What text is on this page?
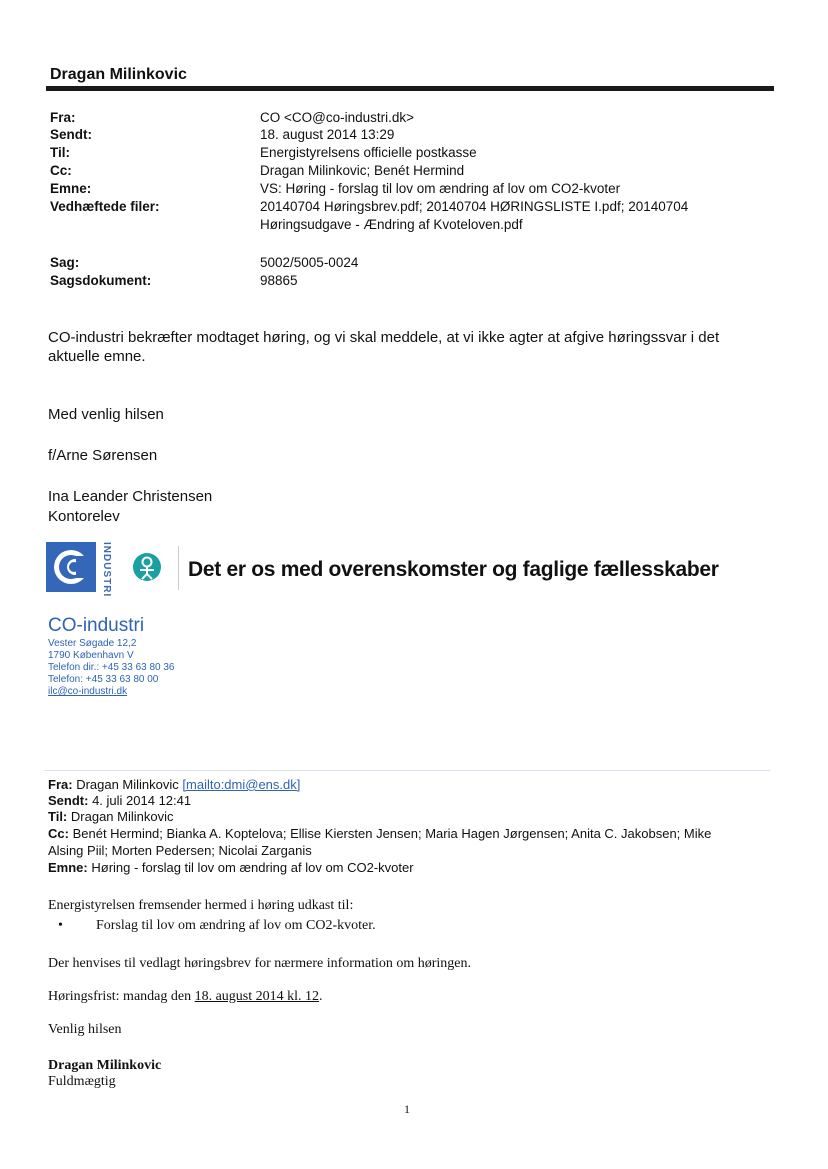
Dragan Milinkovic
Fra:	CO <CO@co-industri.dk>
Sendt:	18. august 2014 13:29
Til:	Energistyrelsens officielle postkasse
Cc:	Dragan Milinkovic; Benét Hermind
Emne:	VS: Høring - forslag til lov om ændring af lov om CO2-kvoter
Vedhæftede filer:	20140704 Høringsbrev.pdf; 20140704 HØRINGSLISTE I.pdf; 20140704
Høringsudgave - Ændring af Kvoteloven.pdf
Sag:	5002/5005-0024
Sagsdokument:	98865
CO-industri bekræfter modtaget høring, og vi skal meddele, at vi ikke agter at afgive høringssvar i det
aktuelle emne.
Med venlig hilsen
f/Arne Sørensen
Ina Leander Christensen
Kontorelev
INDUSTRI	Det er os med overenskomster og faglige fællesskaber
CO-industri
Vester Søgade 12,2
1790 København V
Telefon dir.: +45 33 63 80 36
Telefon: +45 33 63 80 00
ilc@co-industri.dk
Fra: Dragan Milinkovic [mailto:dmi@ens.dk]
Sendt: 4. juli 2014 12:41
Til: Dragan Milinkovic
Cc: Benét Hermind; Bianka A. Koptelova; Ellise Kiersten Jensen; Maria Hagen Jørgensen; Anita C. Jakobsen; Mike
Alsing Piil; Morten Pedersen; Nicolai Zarganis
Emne: Høring - forslag til lov om ændring af lov om CO2-kvoter
Energistyrelsen fremsender hermed i høring udkast til:
• Forslag til lov om ændring af lov om CO2-kvoter.
Der henvises til vedlagt høringsbrev for nærmere information om høringen.
Høringsfrist: mandag den 18. august 2014 kl. 12.
Venlig hilsen
Dragan Milinkovic
Fuldmægtig
1
